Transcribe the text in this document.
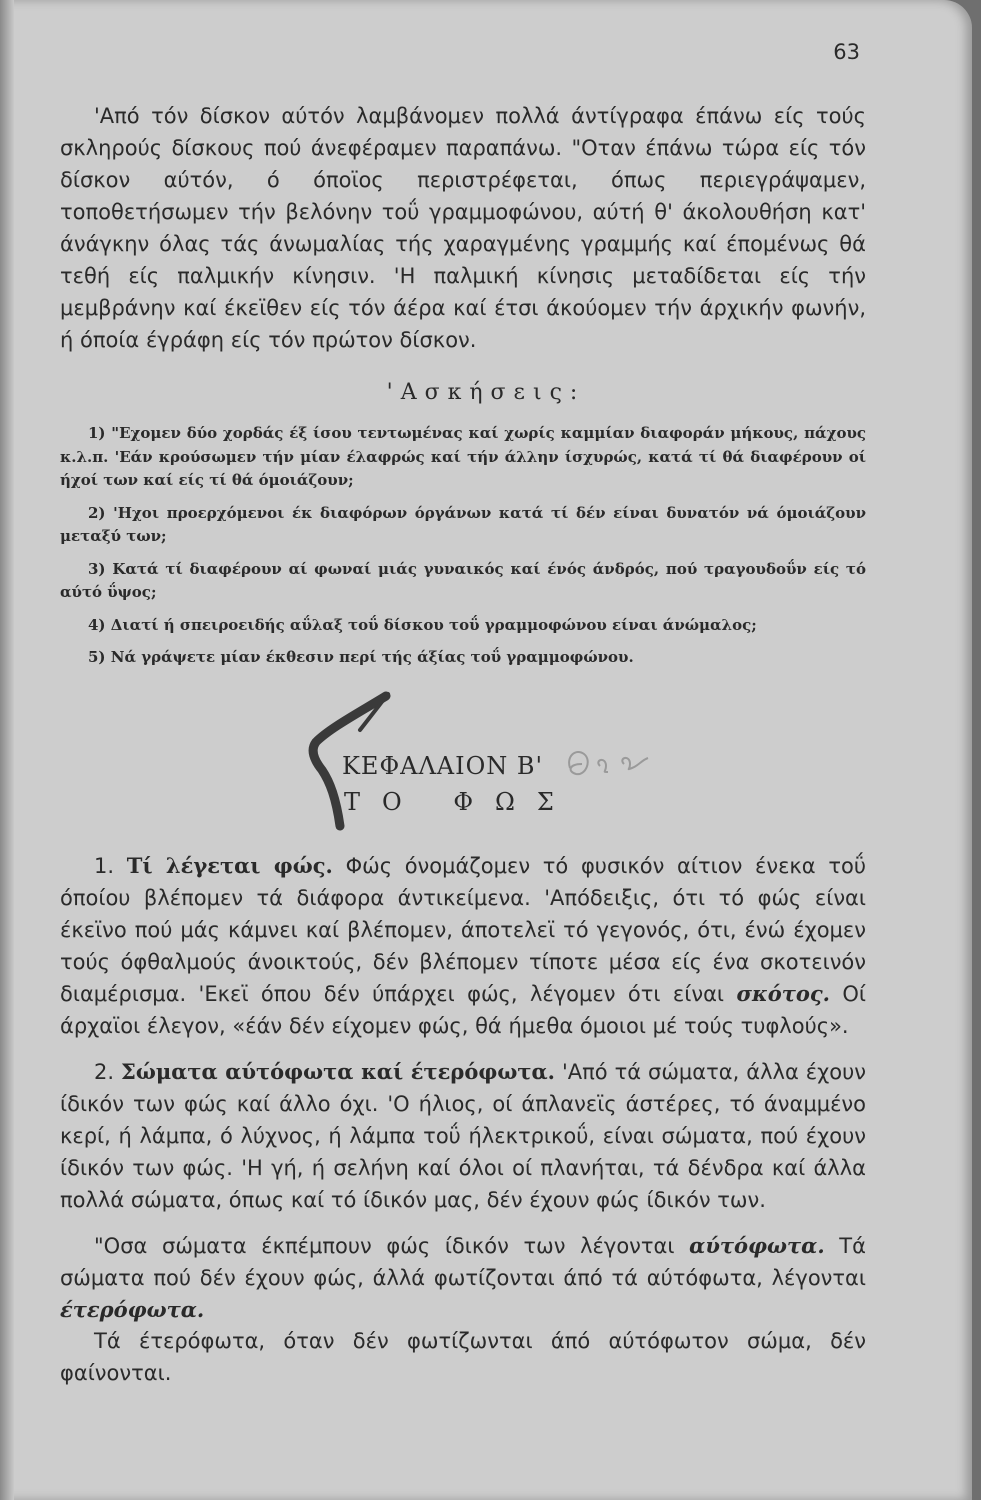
63

'Από τόν δίσκον αύτόν λαμβάνομεν πολλά άντίγραφα έπάνω είς τούς σκληρούς δίσκους πού άνεφέραμεν παραπάνω. "Οταν έπάνω τώρα είς τόν δίσκον αύτόν, ό όποϊος περιστρέφεται, όπως περιεγράψαμεν, τοποθετήσωμεν τήν βελόνην τοΰ γραμμοφώνου, αύτή θ' άκολουθήση κατ' άνάγκην όλας τάς άνωμαλίας τής χαραγμένης γραμμής καί έπομένως θά τεθή είς παλμικήν κίνησιν. 'Η παλμική κίνησις μεταδίδεται είς τήν μεμβράνην καί έκεϊθεν είς τόν άέρα καί έτσι άκούομεν τήν άρχικήν φωνήν, ή όποία έγράφη είς τόν πρώτον δίσκον.

'Ασκήσεις:

1) "Εχομεν δύο χορδάς έξ ίσου τεντωμένας καί χωρίς καμμίαν διαφοράν μήκους, πάχους κ.λ.π. 'Εάν κρούσωμεν τήν μίαν έλαφρώς καί τήν άλλην ίσχυρώς, κατά τί θά διαφέρουν οί ήχοί των καί είς τί θά όμοιάζουν;

2) 'Ηχοι προερχόμενοι έκ διαφόρων όργάνων κατά τί δέν είναι δυνατόν νά όμοιάζουν μεταξύ των;

3) Κατά τί διαφέρουν αί φωναί μιάς γυναικός καί ένός άνδρός, πού τραγουδοΰν είς τό αύτό ΰψος;

4) Διατί ή σπειροειδής αΰλαξ τοΰ δίσκου τοΰ γραμμοφώνου είναι άνώμαλος;

5) Νά γράψετε μίαν έκθεσιν περί τής άξίας τοΰ γραμμοφώνου.

ΚΕΦΑΛΑΙΟΝ Β'
ΤΟ ΦΩΣ

1. Τί λέγεται φώς. Φώς όνομάζομεν τό φυσικόν αίτιον ένεκα τοΰ όποίου βλέπομεν τά διάφορα άντικείμενα. 'Απόδειξις, ότι τό φώς είναι έκεϊνο πού μάς κάμνει καί βλέπομεν, άποτελεϊ τό γεγονός, ότι, ένώ έχομεν τούς όφθαλμούς άνοικτούς, δέν βλέπομεν τίποτε μέσα είς ένα σκοτεινόν διαμέρισμα. 'Εκεϊ όπου δέν ύπάρχει φώς, λέγομεν ότι είναι σκότος. Οί άρχαϊοι έλεγον, «έάν δέν είχομεν φώς, θά ήμεθα όμοιοι μέ τούς τυφλούς».

2. Σώματα αύτόφωτα καί έτερόφωτα. 'Από τά σώματα, άλλα έχουν ίδικόν των φώς καί άλλο όχι. 'Ο ήλιος, οί άπλανεϊς άστέρες, τό άναμμένο κερί, ή λάμπα, ό λύχνος, ή λάμπα τοΰ ήλεκτρικοΰ, είναι σώματα, πού έχουν ίδικόν των φώς. 'Η γή, ή σελήνη καί όλοι οί πλανήται, τά δένδρα καί άλλα πολλά σώματα, όπως καί τό ίδικόν μας, δέν έχουν φώς ίδικόν των.

"Οσα σώματα έκπέμπουν φώς ίδικόν των λέγονται αύτόφωτα. Τά σώματα πού δέν έχουν φώς, άλλά φωτίζονται άπό τά αύτόφωτα, λέγονται έτερόφωτα.

Τά έτερόφωτα, όταν δέν φωτίζωνται άπό αύτόφωτον σώμα, δέν φαίνονται.
